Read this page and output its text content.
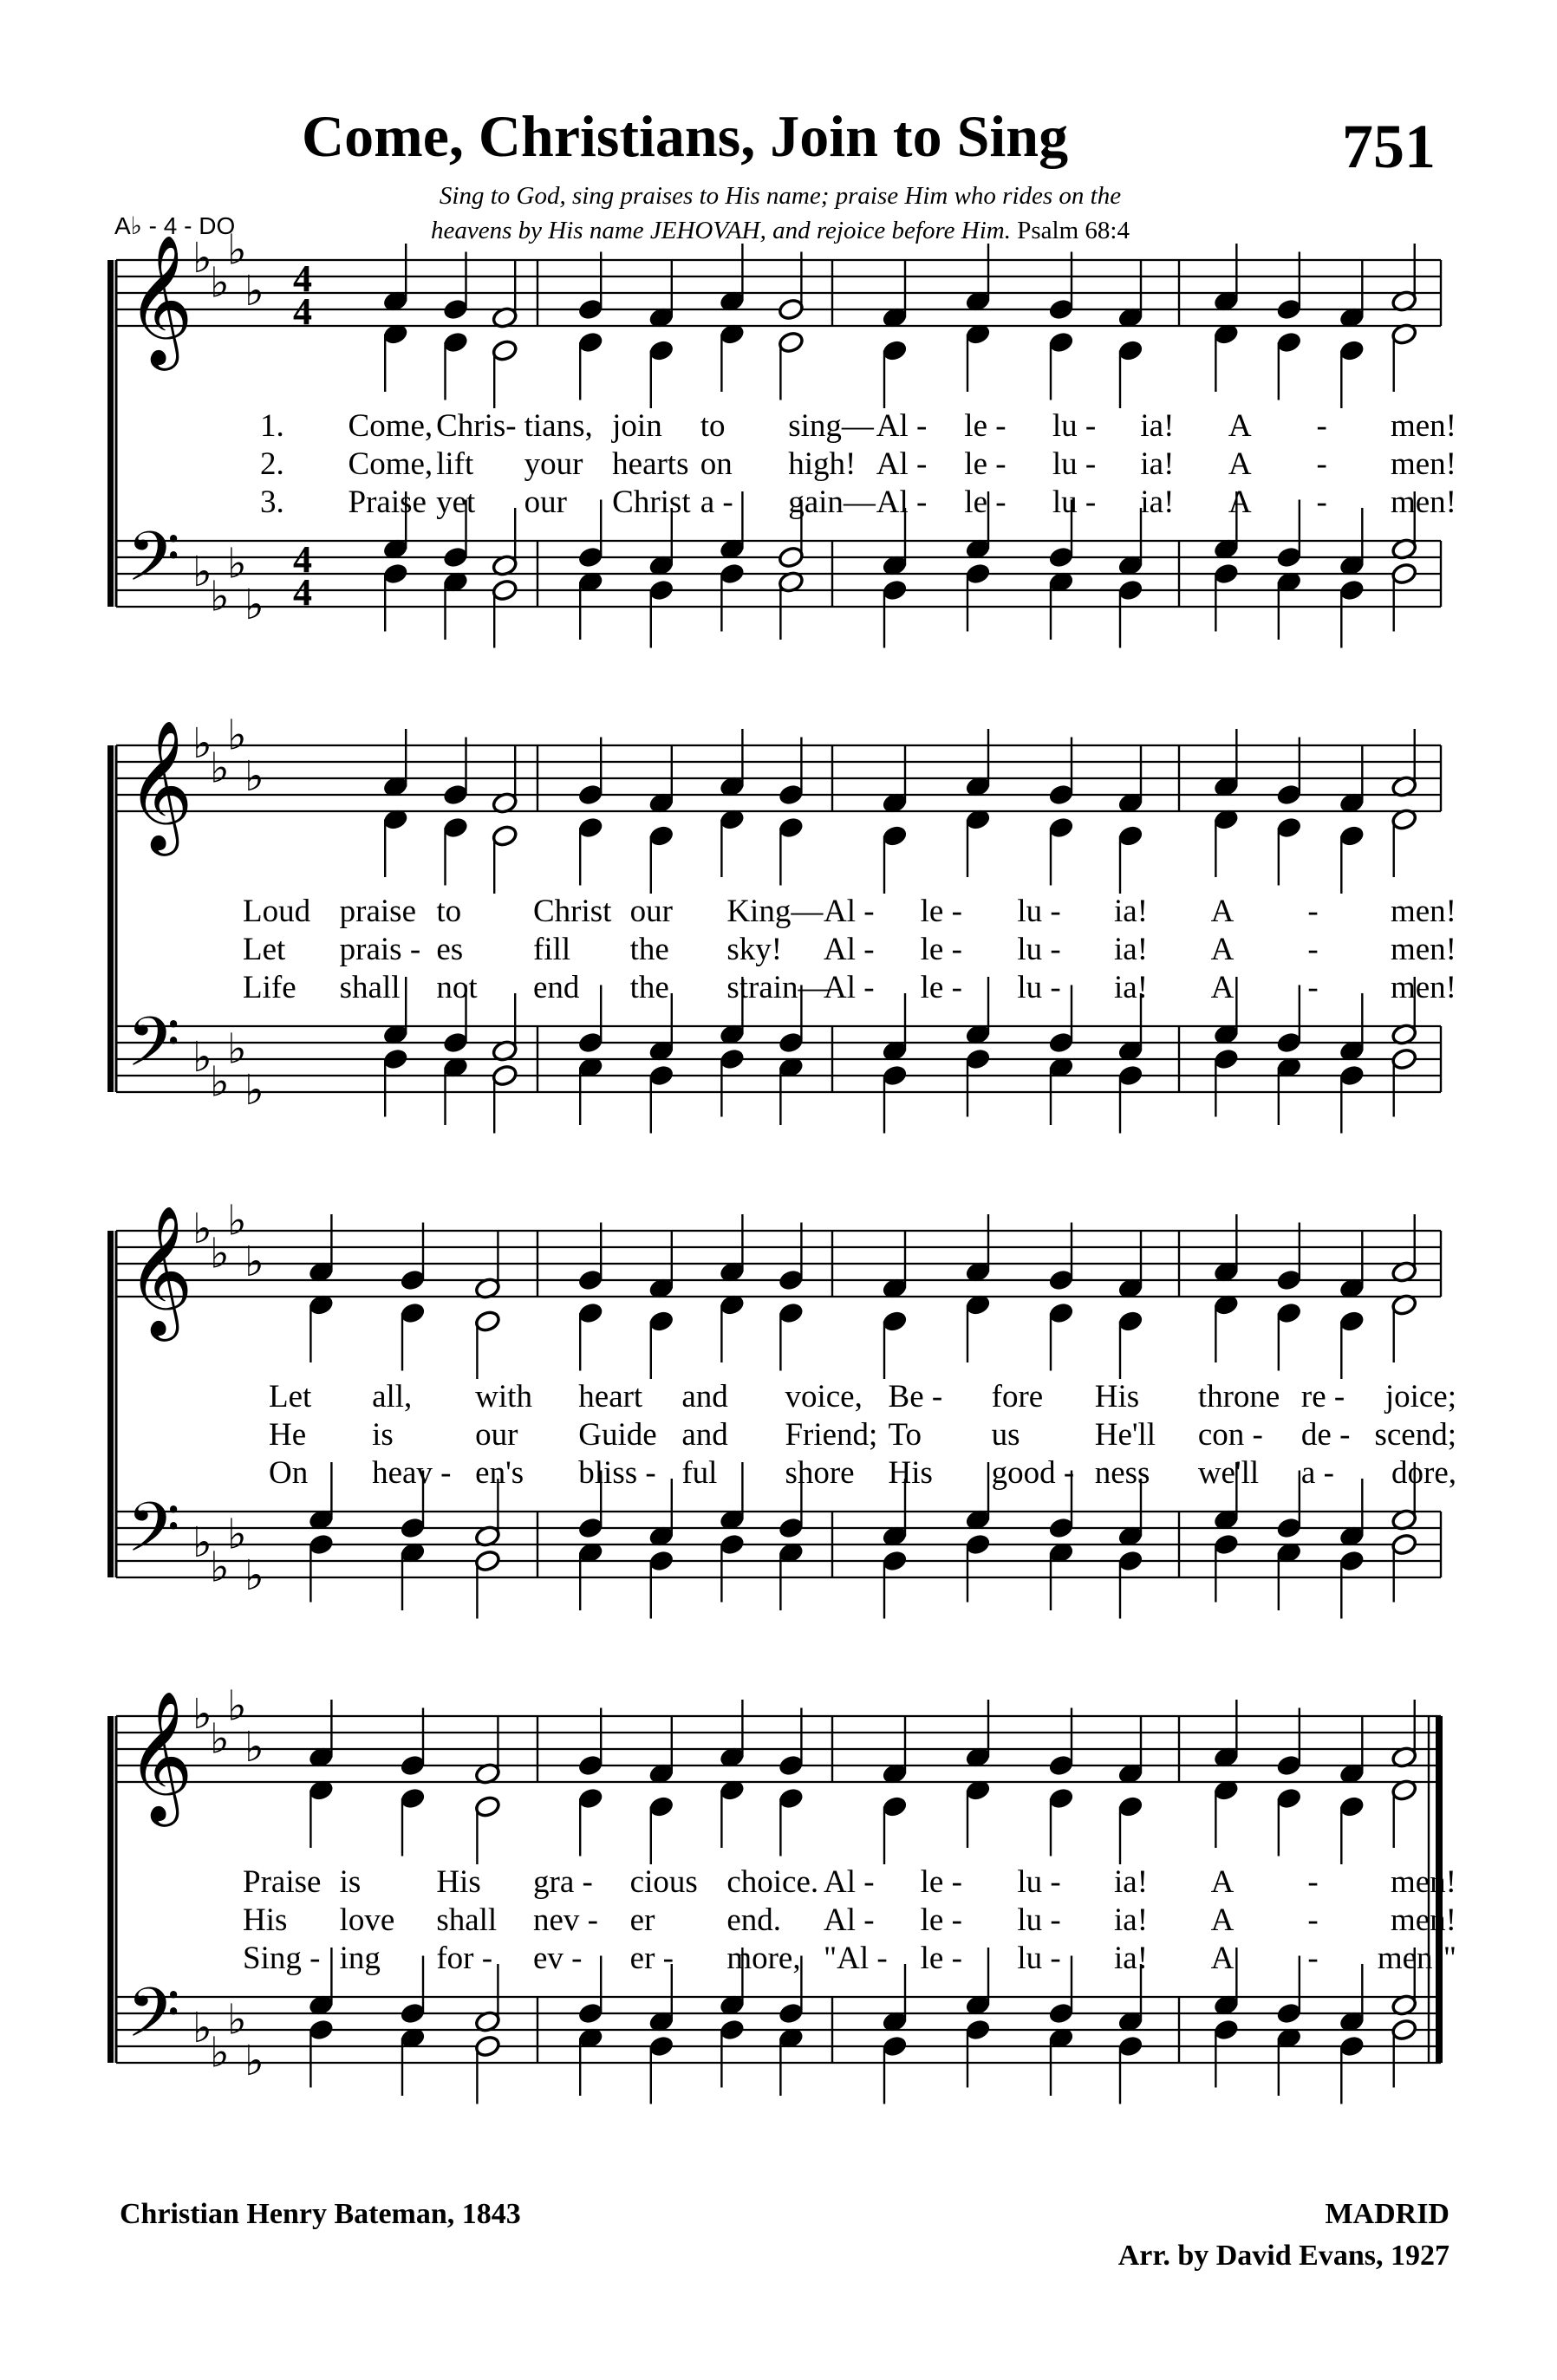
Come, Christians, Join to Sing	751
A♭ - 4 - DO
Sing to God, sing praises to His name; praise Him who rides on the
heavens by His name JEHOVAH, and rejoice before Him. Psalm 68:4
𝄞
𝄢
♭
♭
♭
♭
♭
♭
♭
♭
4
4
4
4
𝄞
𝄢
♭
♭
♭
♭
♭
♭
♭
♭
𝄞
𝄢
♭
♭
♭
♭
♭
♭
♭
♭
𝄞
𝄢
♭
♭
♭
♭
♭
♭
♭
♭
1. Come, Chris- tians, join to sing— Al - le - lu - ia! A - men!
2. Come, lift your hearts on high! Al - le - lu - ia! A - men!
3. Praise yet our Christ a - gain— Al - le - lu - ia! A - men!
Loud praise to Christ our King— Al - le - lu - ia! A - men!
Let prais - es fill the sky! Al - le - lu - ia! A - men!
Life shall not end the strain—
Al - le - lu - ia! A - men!
Let all, with heart and voice, Be - fore His throne re - joice;
He is	our Guide and Friend; To us He'll con - de - scend;
On heav - en's bliss - ful shore His good - ness we'll a - dore,
Praise is His gra - cious choice. Al - le - lu - ia! A - men!
His love shall nev - er end. Al - le - lu - ia! A - men!
Sing - ing for - ev - er - more, "Al - le - lu - ia! A - men!"
Christian Henry Bateman, 1843	MADRID
Arr. by David Evans, 1927
